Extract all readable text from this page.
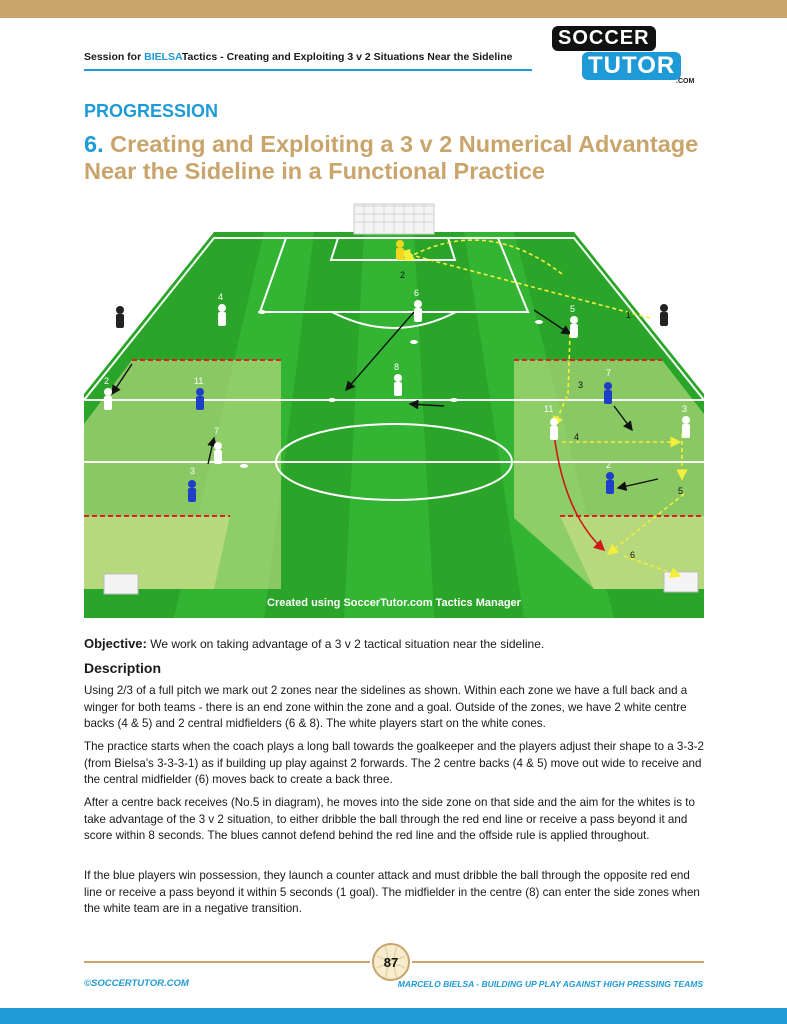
Session for BIELSATactics - Creating and Exploiting 3 v 2 Situations Near the Sideline
SOCCER
TUTOR
.COM
PROGRESSION
6. Creating and Exploiting a 3 v 2 Numerical Advantage Near the Sideline in a Functional Practice
C	C
4	6
5
8
2
2	11
7
3
7
11	3
2
1
3
4
5
6
Created using SoccerTutor.com Tactics Manager
Objective: We work on taking advantage of a 3 v 2 tactical situation near the sideline.
Description

Using 2/3 of a full pitch we mark out 2 zones near the sidelines as shown. Within each zone we have a full back and a winger for both teams - there is an end zone within the zone and a goal. Outside of the zones, we have 2 white centre backs (4 & 5) and 2 central midfielders (6 & 8). The white players start on the white cones.

The practice starts when the coach plays a long ball towards the goalkeeper and the players adjust their shape to a 3-3-2 (from Bielsa's 3-3-3-1) as if building up play against 2 forwards. The 2 centre backs (4 & 5) move out wide to receive and the central midfielder (6) moves back to create a back three.

After a centre back receives (No.5 in diagram), he moves into the side zone on that side and the aim for the whites is to take advantage of the 3 v 2 situation, to either dribble the ball through the red end line or receive a pass beyond it and score within 8 seconds. The blues cannot defend behind the red line and the offside rule is applied throughout.

If the blue players win possession, they launch a counter attack and must dribble the ball through the opposite red end line or receive a pass beyond it within 5 seconds (1 goal). The midfielder in the centre (8) can enter the side zones when the white team are in a negative transition.

87
©SOCCERTUTOR.COM	MARCELO BIELSA - BUILDING UP PLAY AGAINST HIGH PRESSING TEAMS
